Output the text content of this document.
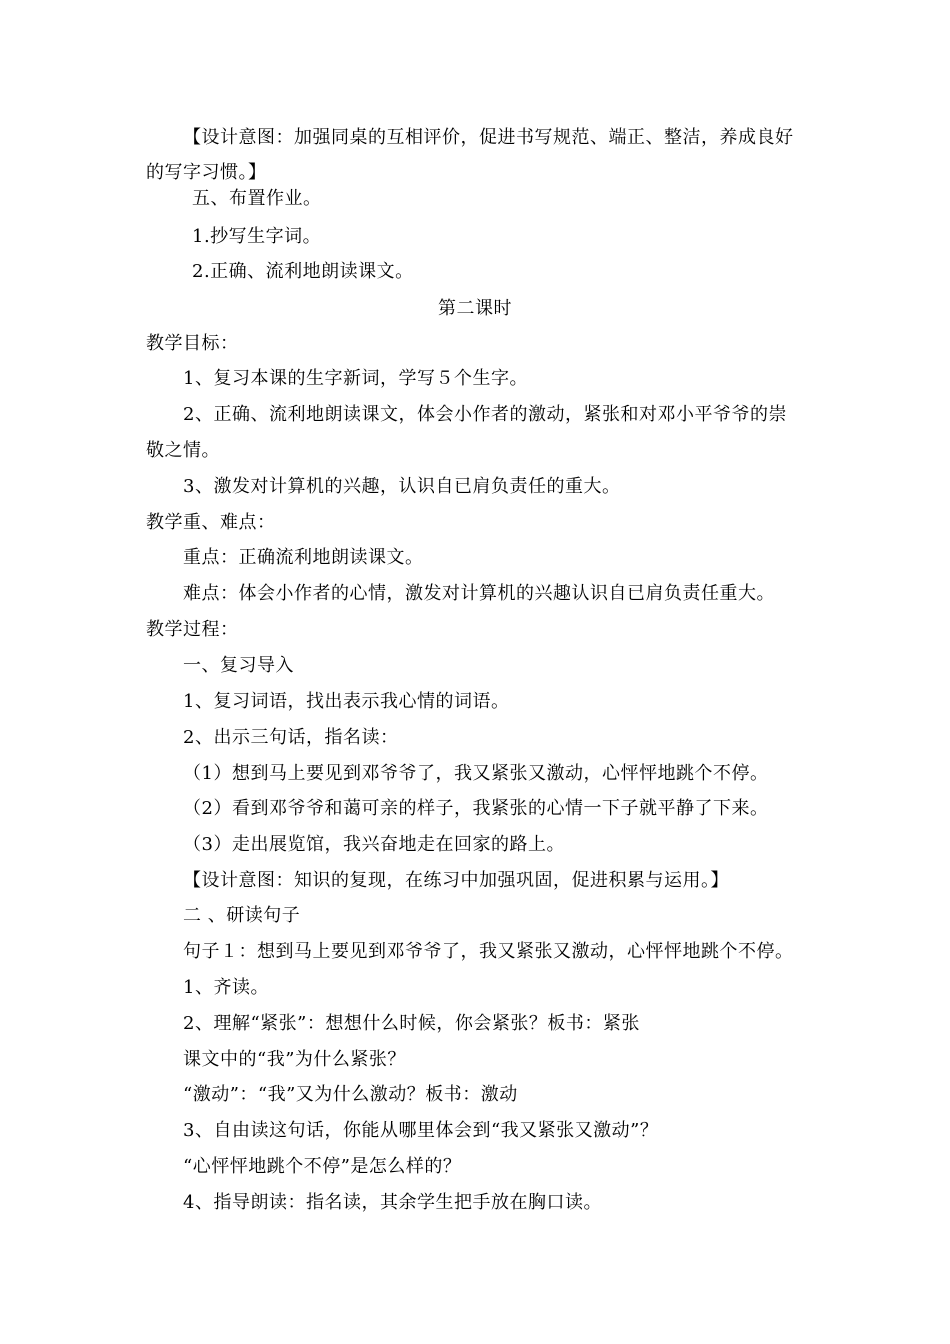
【设计意图：加强同桌的互相评价，促进书写规范、端正、整洁，养成良好
的写字习惯。】
五、布置作业。
1.抄写生字词。
2.正确、流利地朗读课文。
第二课时
教学目标：
1、复习本课的生字新词，学写５个生字。
2、正确、流利地朗读课文，体会小作者的激动，紧张和对邓小平爷爷的崇
敬之情。
3、激发对计算机的兴趣，认识自已肩负责任的重大。
教学重、难点：
重点：正确流利地朗读课文。
难点：体会小作者的心情，激发对计算机的兴趣认识自已肩负责任重大。
教学过程：
一、复习导入
1、复习词语，找出表示我心情的词语。
2、出示三句话，指名读：
（1）想到马上要见到邓爷爷了，我又紧张又激动，心怦怦地跳个不停。
（2）看到邓爷爷和蔼可亲的样子，我紧张的心情一下子就平静了下来。
（3）走出展览馆，我兴奋地走在回家的路上。
【设计意图：知识的复现，在练习中加强巩固，促进积累与运用。】
二 、研读句子
句子１：想到马上要见到邓爷爷了，我又紧张又激动，心怦怦地跳个不停。
1、齐读。
2、理解“紧张”：想想什么时候，你会紧张？板书：紧张
课文中的“我”为什么紧张？
“激动”：“我”又为什么激动？板书：激动
3、自由读这句话，你能从哪里体会到“我又紧张又激动”？
“心怦怦地跳个不停”是怎么样的？
4、指导朗读：指名读，其余学生把手放在胸口读。
